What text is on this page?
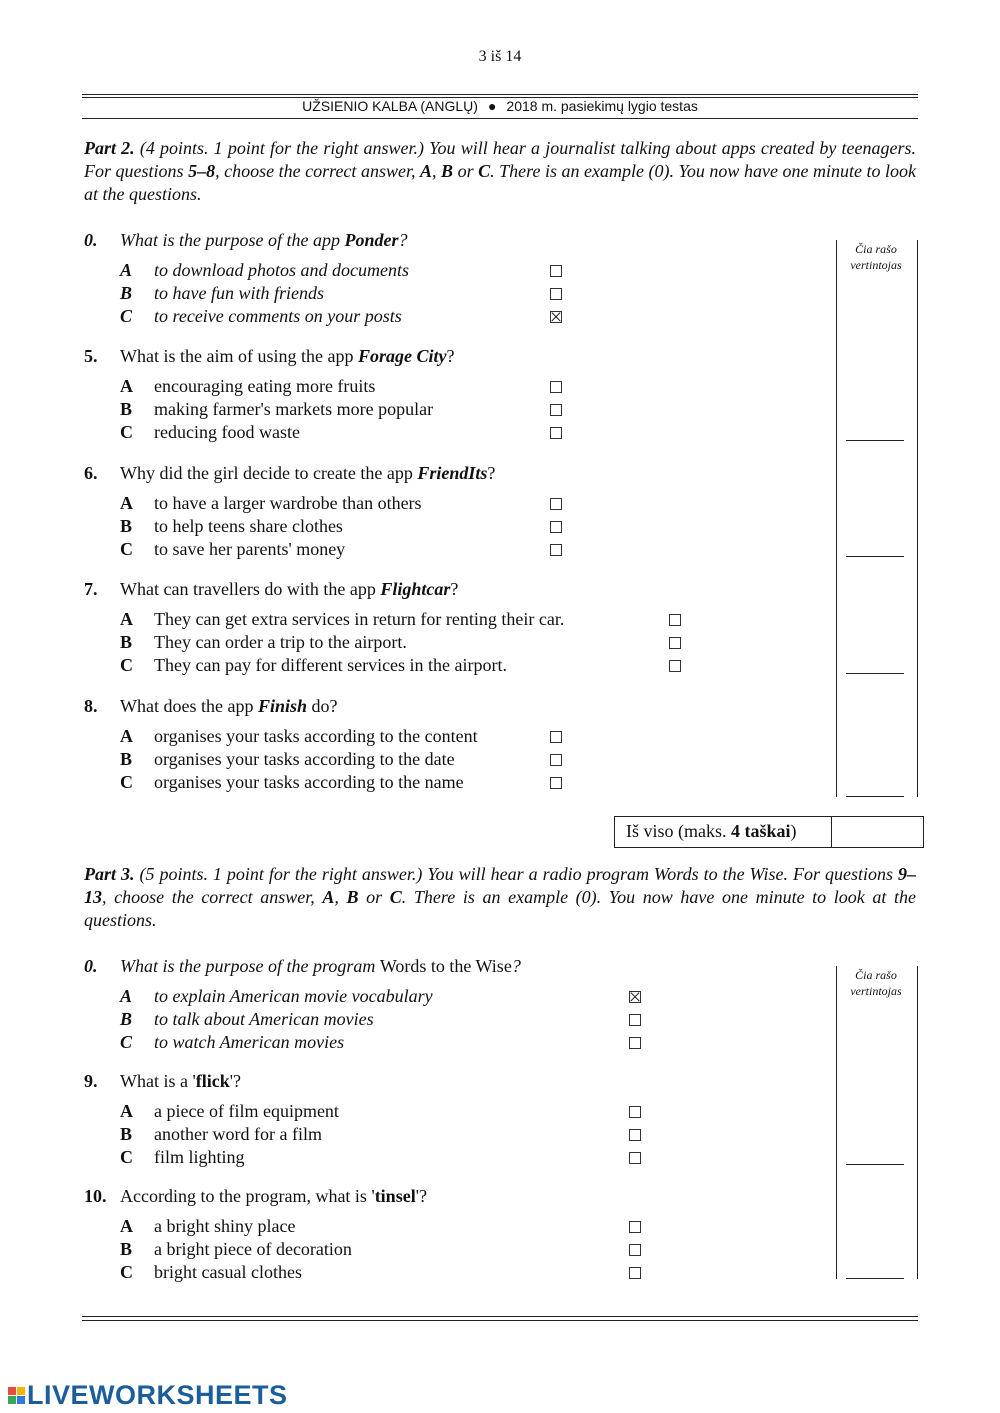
3 iš 14
UŽSIENIO KALBA (ANGLŲ) ● 2018 m. pasiekimų lygio testas
Part 2. (4 points. 1 point for the right answer.) You will hear a journalist talking about apps created by teenagers. For questions 5–8, choose the correct answer, A, B or C. There is an example (0). You now have one minute to look at the questions.
Čia rašo
vertintojas
0. What is the purpose of the app Ponder?
A to download photos and documents
B to have fun with friends
C to receive comments on your posts
5. What is the aim of using the app Forage City?
A encouraging eating more fruits
B making farmer's markets more popular
C reducing food waste
6. Why did the girl decide to create the app FriendIts?
A to have a larger wardrobe than others
B to help teens share clothes
C to save her parents' money
7. What can travellers do with the app Flightcar?
A They can get extra services in return for renting their car.
B They can order a trip to the airport.
C They can pay for different services in the airport.
8. What does the app Finish do?
A organises your tasks according to the content
B organises your tasks according to the date
C organises your tasks according to the name
Iš viso (maks. 4 taškai)
Part 3. (5 points. 1 point for the right answer.) You will hear a radio program Words to the Wise. For questions 9–13, choose the correct answer, A, B or C. There is an example (0). You now have one minute to look at the questions.
Čia rašo
vertintojas
0. What is the purpose of the program Words to the Wise?
A to explain American movie vocabulary
B to talk about American movies
C to watch American movies
9. What is a 'flick'?
A a piece of film equipment
B another word for a film
C film lighting
10. According to the program, what is 'tinsel'?
A a bright shiny place
B a bright piece of decoration
C bright casual clothes
LIVEWORKSHEETS
